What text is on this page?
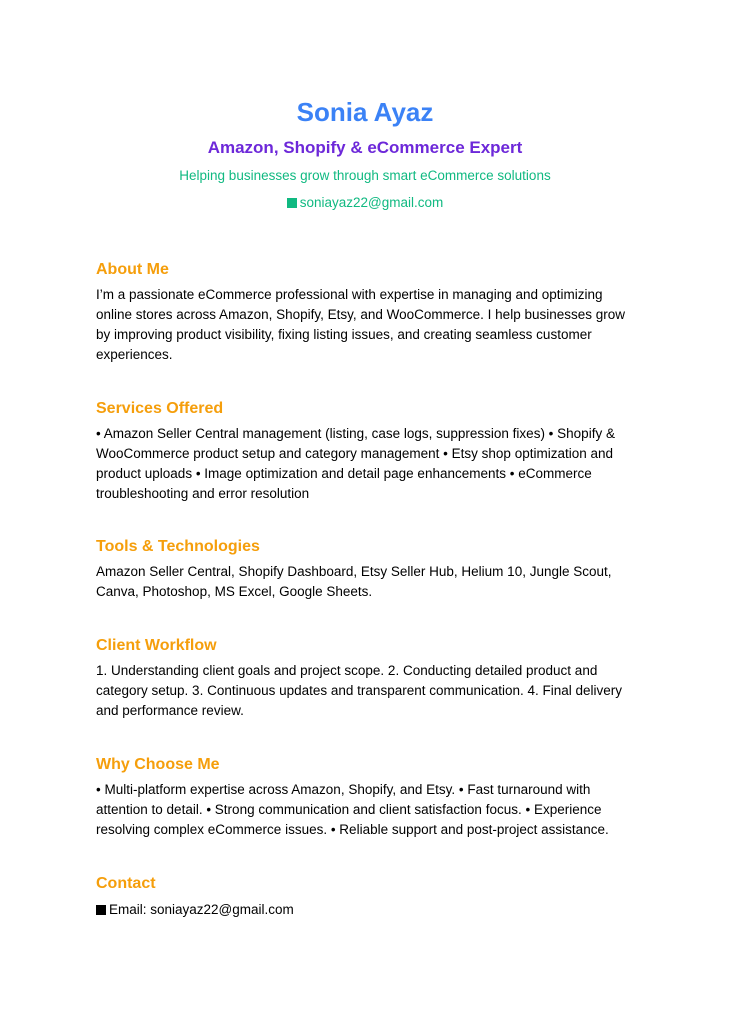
Sonia Ayaz
Amazon, Shopify & eCommerce Expert

Helping businesses grow through smart eCommerce solutions

soniayaz22@gmail.com

About Me

I’m a passionate eCommerce professional with expertise in managing and optimizing online stores across Amazon, Shopify, Etsy, and WooCommerce. I help businesses grow by improving product visibility, fixing listing issues, and creating seamless customer experiences.

Services Offered

• Amazon Seller Central management (listing, case logs, suppression fixes) • Shopify & WooCommerce product setup and category management • Etsy shop optimization and product uploads • Image optimization and detail page enhancements • eCommerce troubleshooting and error resolution

Tools & Technologies

Amazon Seller Central, Shopify Dashboard, Etsy Seller Hub, Helium 10, Jungle Scout, Canva, Photoshop, MS Excel, Google Sheets.

Client Workflow

1. Understanding client goals and project scope. 2. Conducting detailed product and category setup. 3. Continuous updates and transparent communication. 4. Final delivery and performance review.

Why Choose Me

• Multi-platform expertise across Amazon, Shopify, and Etsy. • Fast turnaround with attention to detail. • Strong communication and client satisfaction focus. • Experience resolving complex eCommerce issues. • Reliable support and post-project assistance.

Contact

Email: soniayaz22@gmail.com
